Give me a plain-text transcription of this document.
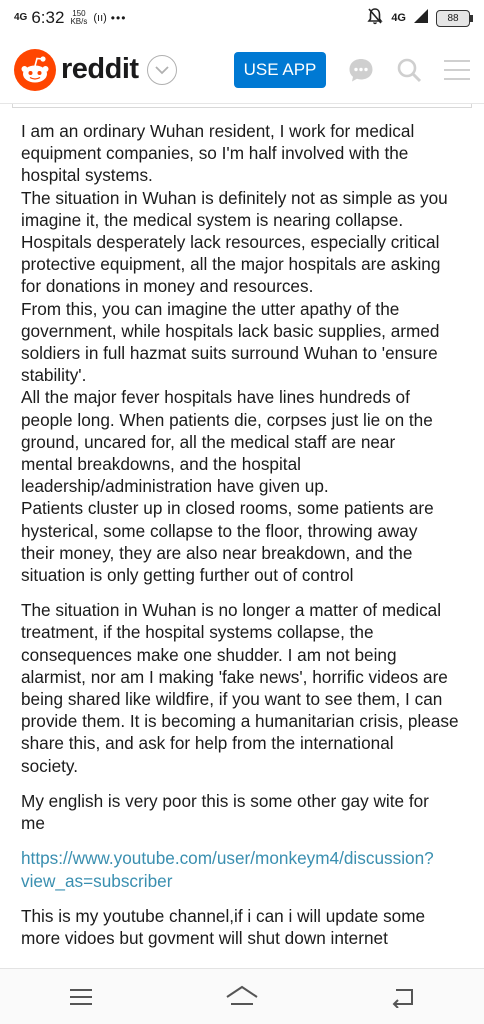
4G 6:32 150
KB/s (ıı) •••	4G	88
reddit	USE APP

I am an ordinary Wuhan resident, I work for medical
equipment companies, so I'm half involved with the
hospital systems.
The situation in Wuhan is definitely not as simple as you
imagine it, the medical system is nearing collapse.
Hospitals desperately lack resources, especially critical
protective equipment, all the major hospitals are asking
for donations in money and resources.
From this, you can imagine the utter apathy of the
government, while hospitals lack basic supplies, armed
soldiers in full hazmat suits surround Wuhan to 'ensure
stability'.
All the major fever hospitals have lines hundreds of
people long. When patients die, corpses just lie on the
ground, uncared for, all the medical staff are near
mental breakdowns, and the hospital
leadership/administration have given up.
Patients cluster up in closed rooms, some patients are
hysterical, some collapse to the floor, throwing away
their money, they are also near breakdown, and the
situation is only getting further out of control

The situation in Wuhan is no longer a matter of medical
treatment, if the hospital systems collapse, the
consequences make one shudder. I am not being
alarmist, nor am I making 'fake news', horrific videos are
being shared like wildfire, if you want to see them, I can
provide them. It is becoming a humanitarian crisis, please
share this, and ask for help from the international
society.

My english is very poor this is some other gay wite for
me

https://www.youtube.com/user/monkeym4/discussion?
view_as=subscriber

This is my youtube channel,if i can i will update some
more vidoes but govment will shut down internet
